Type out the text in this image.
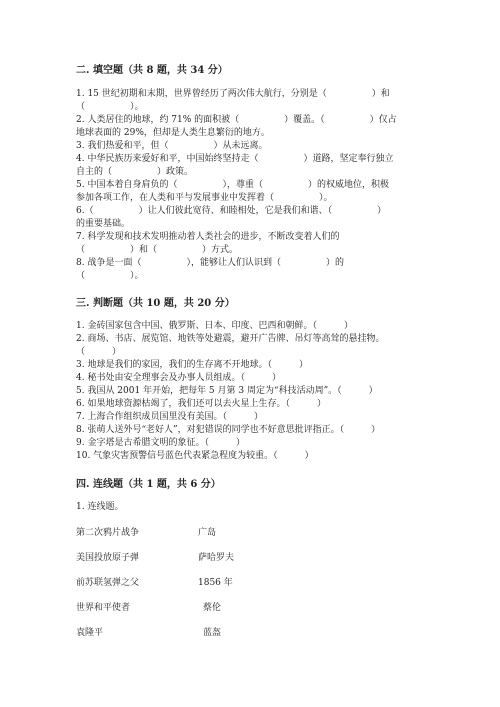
二. 填空题（共 8 题，共 34 分）
1. 15 世纪初期和末期，世界曾经历了两次伟大航行，分别是（　　　　　）和
（　　　　　）。
2. 人类居住的地球，约 71% 的面积被（　　　　　）覆盖。（　　　　　）仅占
地球表面的 29%，但却是人类生息繁衍的地方。
3. 我们热爱和平，但（　　　　　）从未远离。
4. 中华民族历来爱好和平，中国始终坚持走（　　　　　）道路，坚定奉行独立
自主的（　　　　　）政策。
5. 中国本着自身肩负的（　　　　　），尊重（　　　　　）的权威地位，积极
参加各项工作，在人类和平与发展事业中发挥着（　　　　　）。
6.（　　　　　）让人们彼此宽待、和睦相处，它是我们和谐、（　　　　　）
的重要基础。
7. 科学发现和技术发明推动着人类社会的进步，不断改变着人们的
（　　　　　）和（　　　　　）方式。
8. 战争是一面（　　　　　），能够让人们认识到（　　　　　）的
（　　　　　）。
三. 判断题（共 10 题，共 20 分）
1. 金砖国家包含中国、俄罗斯、日本、印度、巴西和朝鲜。（　　　）
2. 商场、书店、展览馆、地铁等处避震，避开广告牌、吊灯等高耸的悬挂物。
（　　　）
3. 地球是我们的家园，我们的生存离不开地球。（　　　）
4. 秘书处由安全理事会及办事人员组成。（　　　）
5. 我国从 2001 年开始，把每年 5 月第 3 周定为“科技活动周”。（　　　）
6. 如果地球资源枯竭了，我们还可以去火星上生存。（　　　）
7. 上海合作组织成员国里没有美国。（　　　）
8. 张萌人送外号“老好人”，对犯错误的同学也不好意思批评指正。（　　　）
9. 金字塔是古希腊文明的象征。（　　　）
10. 气象灾害预警信号蓝色代表紧急程度为较重。（　　　）
四. 连线题（共 1 题，共 6 分）
1. 连线题。
第二次鸦片战争	广岛
美国投放原子弹	萨哈罗夫
前苏联氢弹之父	1856 年
世界和平使者	蔡伦
袁隆平	蓝盔
